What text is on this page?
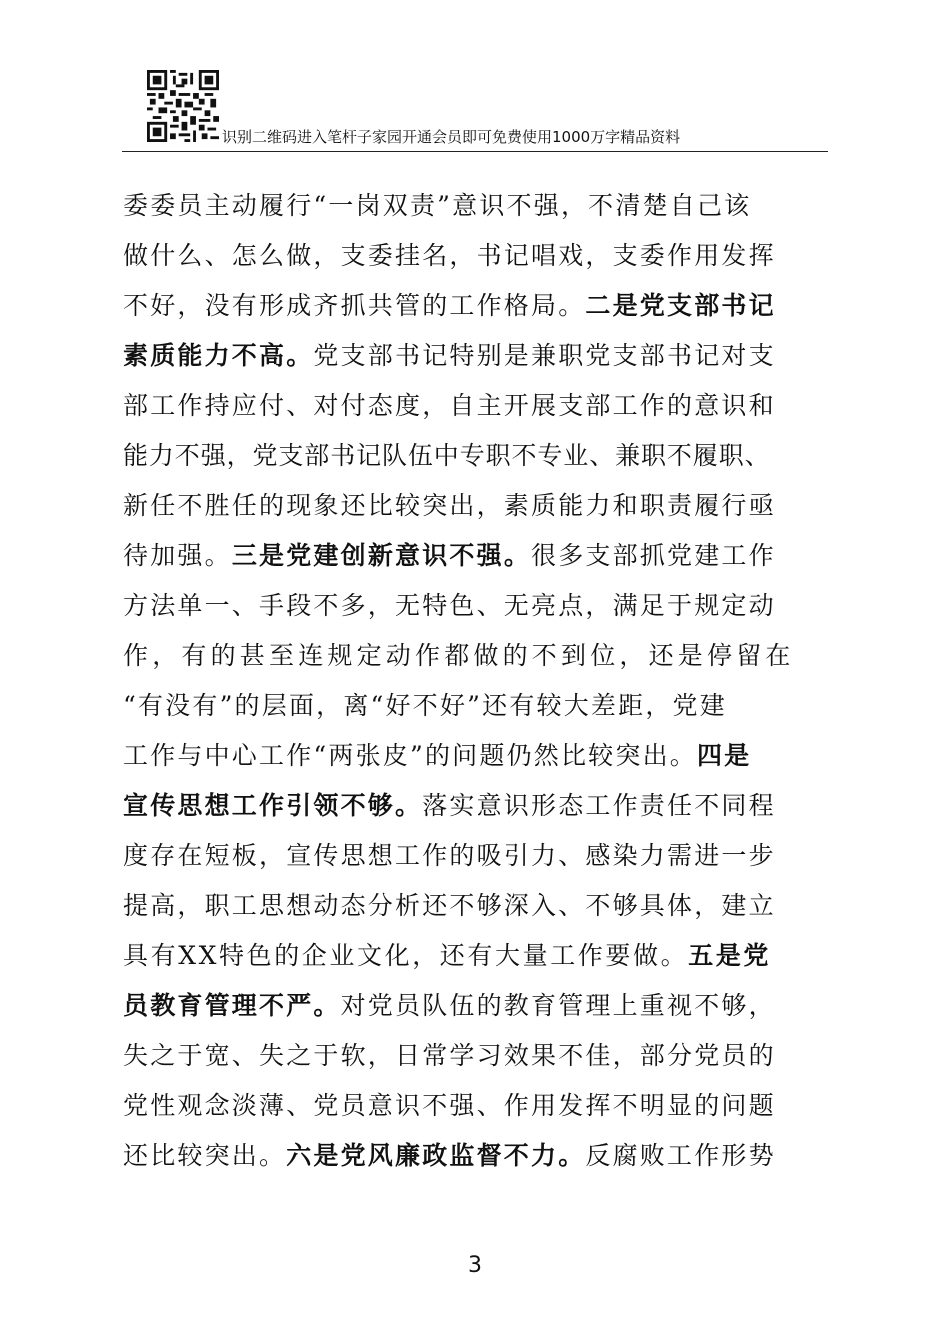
识别二维码进入笔杆子家园开通会员即可免费使用1000万字精品资料
委委员主动履行“一岗双责”意识不强，不清楚自己该
做什么、怎么做，支委挂名，书记唱戏，支委作用发挥
不好，没有形成齐抓共管的工作格局。二是党支部书记
素质能力不高。党支部书记特别是兼职党支部书记对支
部工作持应付、对付态度，自主开展支部工作的意识和
能力不强，党支部书记队伍中专职不专业、兼职不履职、
新任不胜任的现象还比较突出，素质能力和职责履行亟
待加强。三是党建创新意识不强。很多支部抓党建工作
方法单一、手段不多，无特色、无亮点，满足于规定动
作，有的甚至连规定动作都做的不到位，还是停留在
“有没有”的层面，离“好不好”还有较大差距，党建
工作与中心工作“两张皮”的问题仍然比较突出。四是
宣传思想工作引领不够。落实意识形态工作责任不同程
度存在短板，宣传思想工作的吸引力、感染力需进一步
提高，职工思想动态分析还不够深入、不够具体，建立
具有XX特色的企业文化，还有大量工作要做。五是党
员教育管理不严。对党员队伍的教育管理上重视不够，
失之于宽、失之于软，日常学习效果不佳，部分党员的
党性观念淡薄、党员意识不强、作用发挥不明显的问题
还比较突出。六是党风廉政监督不力。反腐败工作形势
3
